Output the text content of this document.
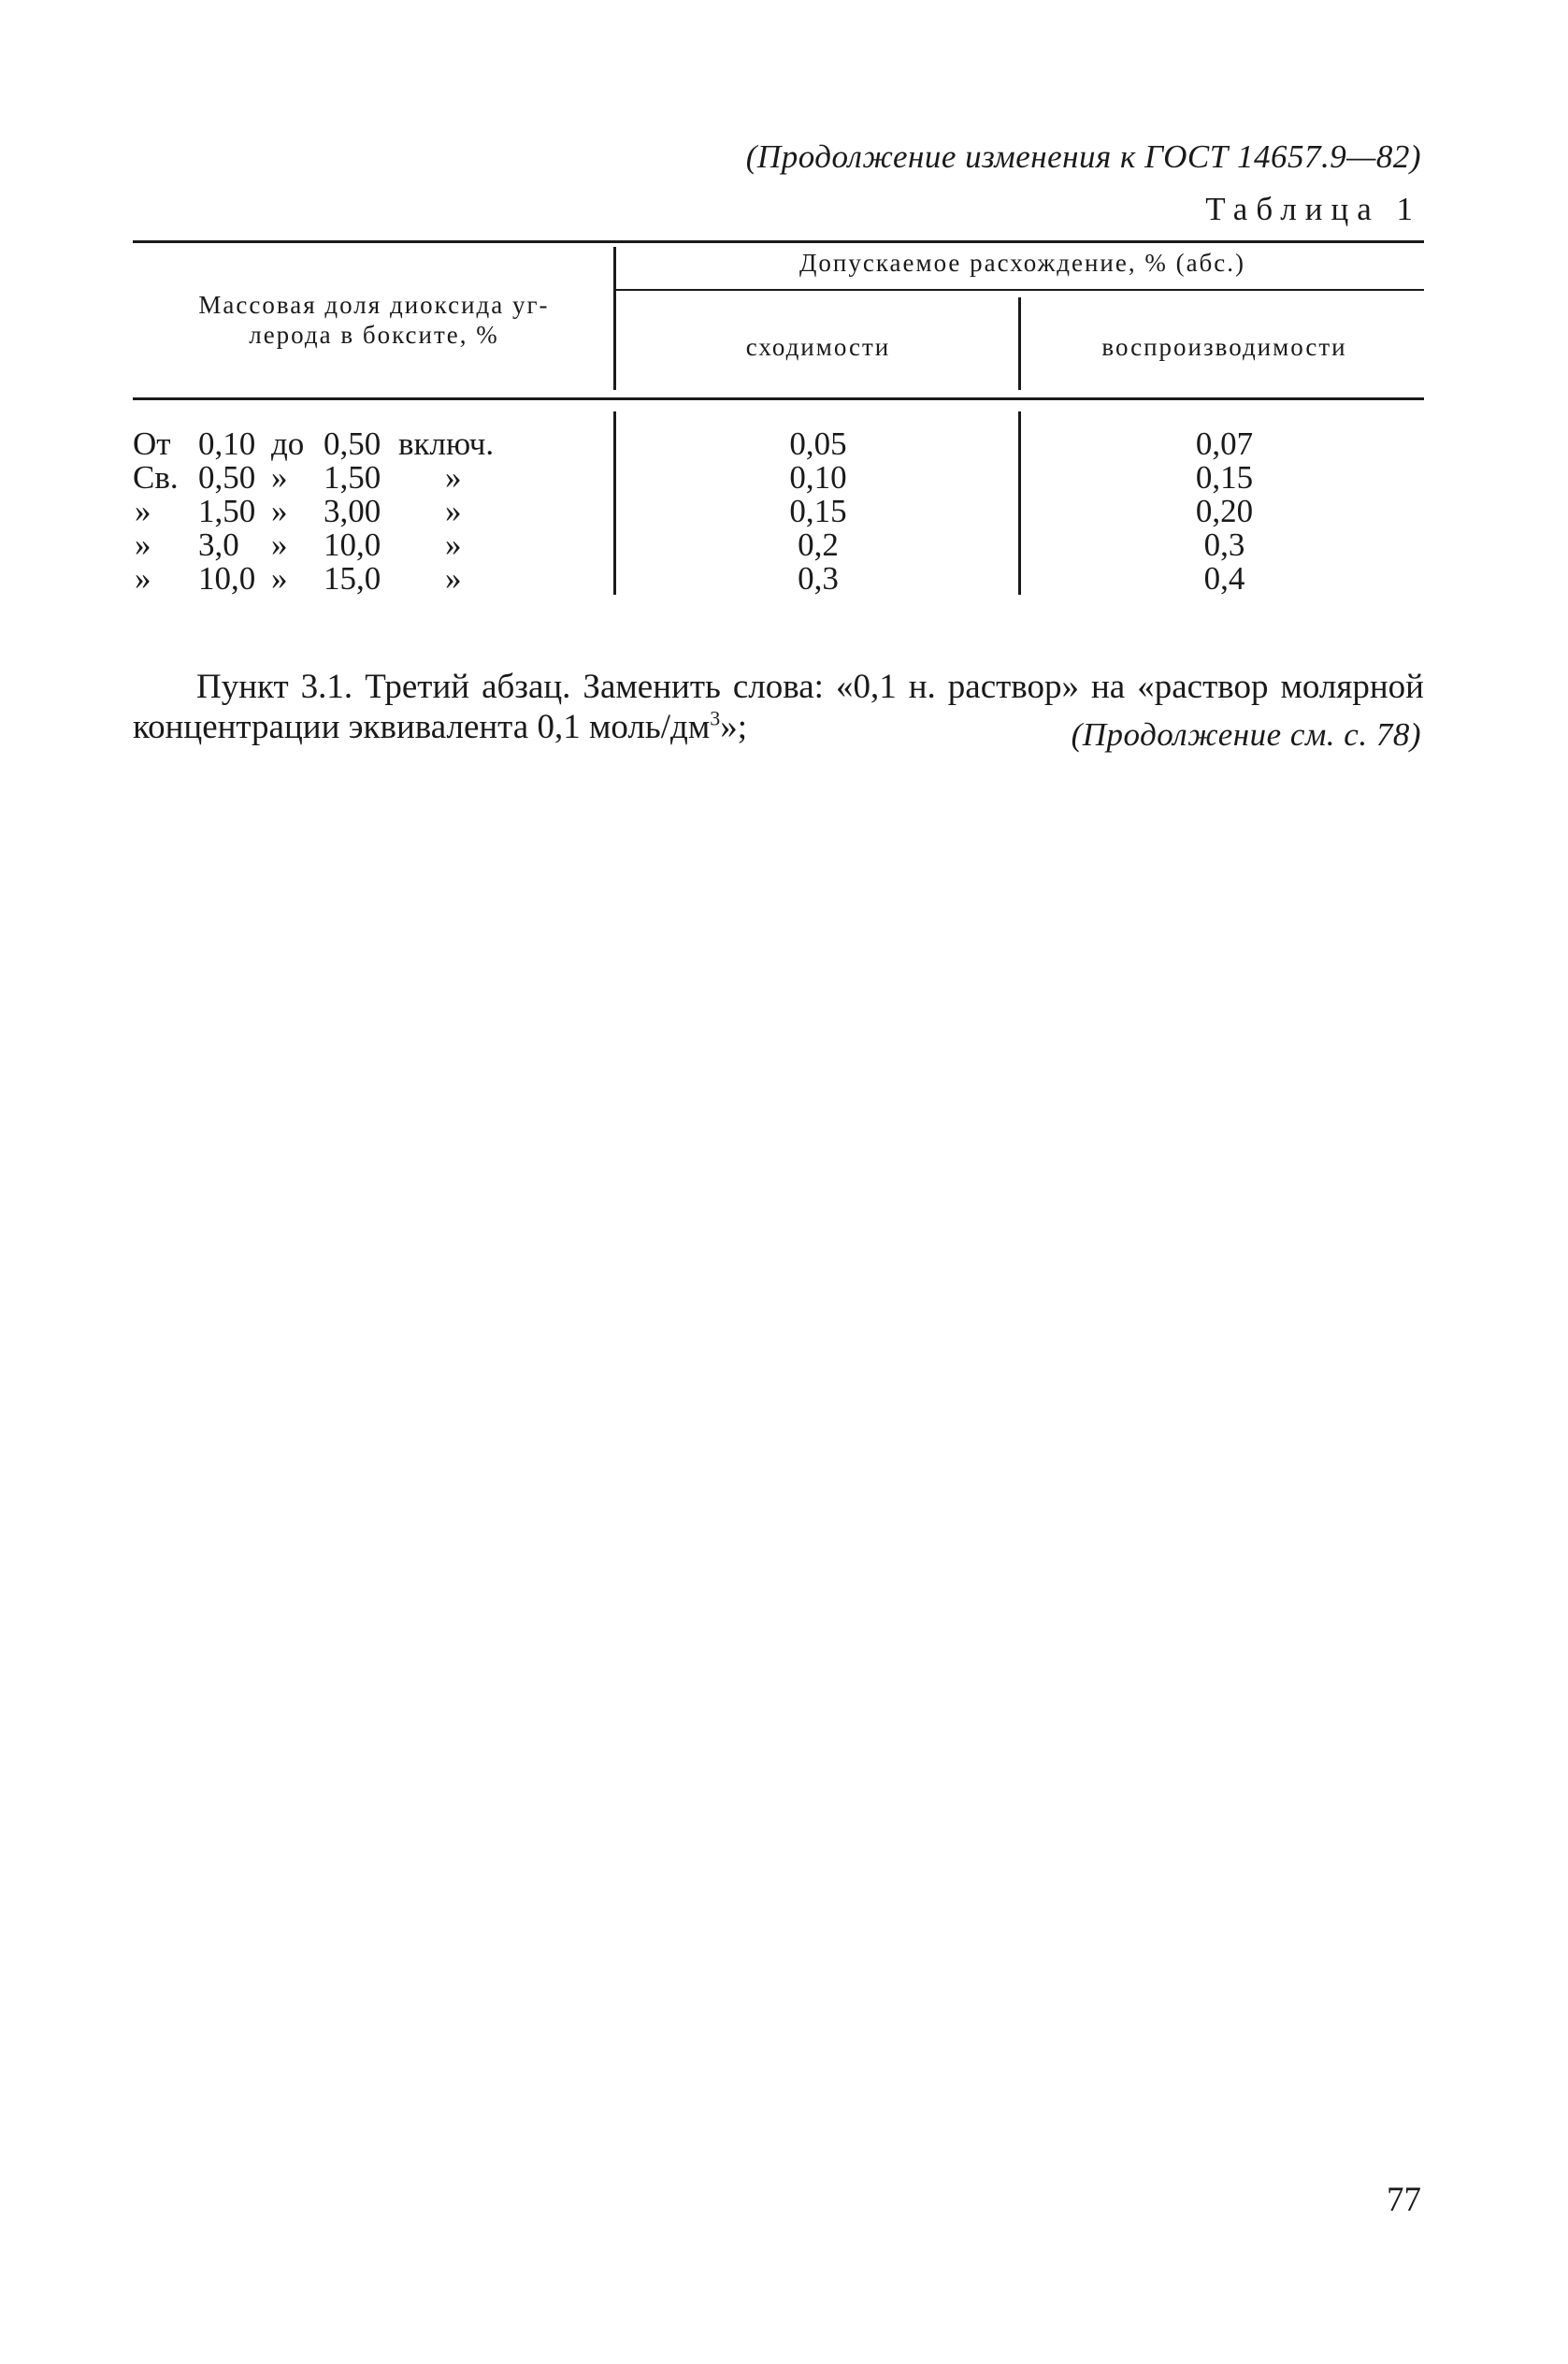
(Продолжение изменения к ГОСТ 14657.9—82)
Таблица 1
Массовая доля диоксида уг-
лерода в боксите, %
Допускаемое расхождение, % (абс.)
сходимости	воспроизводимости
От 0,10 до 0,50 включ.	0,05	0,07
Св. 0,50 » 1,50 »	0,10	0,15
» 1,50 » 3,00 »	0,15	0,20
» 3,0 » 10,0 »	0,2	0,3
» 10,0 » 15,0 »	0,3	0,4

Пункт 3.1. Третий абзац. Заменить слова: «0,1 н. раствор» на «раствор молярной концентрации эквивалента 0,1 моль/$дм^3$»;	(Продолжение см. с. 78)
77
